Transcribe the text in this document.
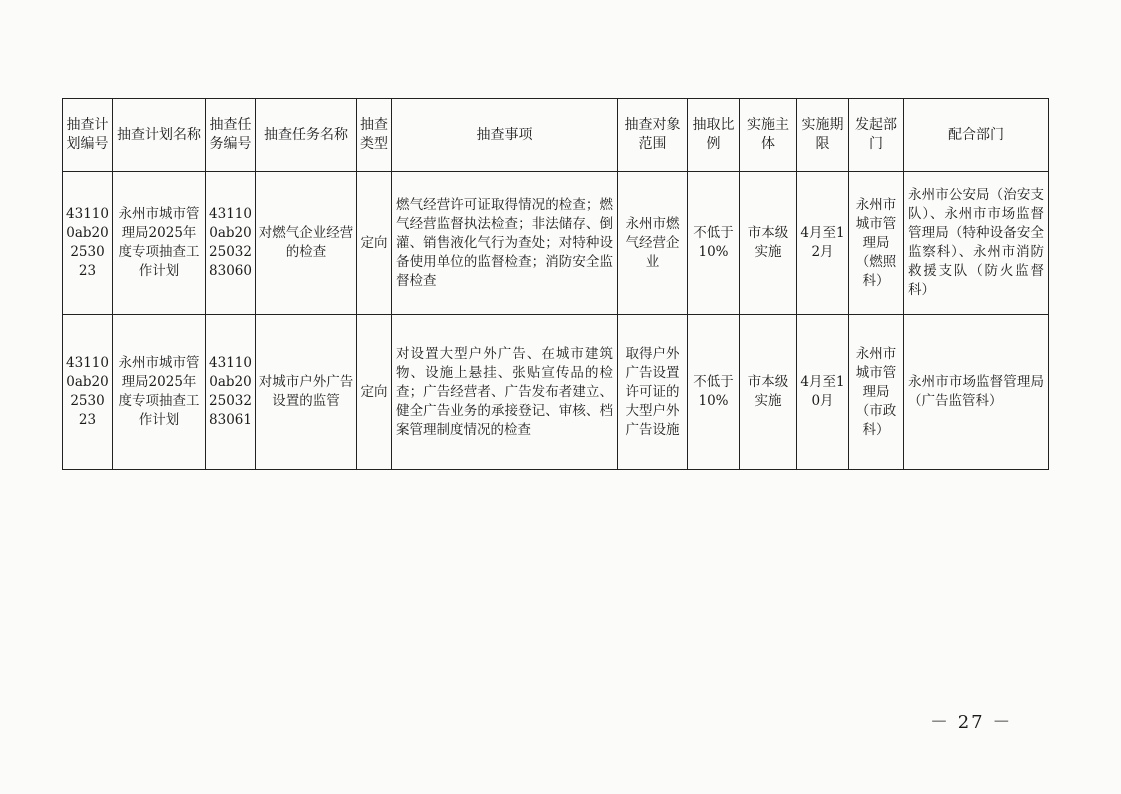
抽查计划编号	抽查计划名称	抽查任务编号	抽查任务名称	抽查类型	抽查事项	抽查对象范围	抽取比例	实施主体	实施期限	发起部门	配合部门
431100ab202530 23	永州市城市管理局2025年度专项抽查工作计划	431100ab202503283060	对燃气企业经营的检查	定向	燃气经营许可证取得情况的检查；燃气经营监督执法检查；非法储存、倒灌、销售液化气行为查处；对特种设备使用单位的监督检查；消防安全监督检查	永州市燃气经营企业	不低于10%	市本级实施	4月至12月	永州市城市管理局（燃照科）	永州市公安局（治安支队）、永州市市场监督管理局（特种设备安全监察科）、永州市消防救援支队（防火监督科）
431100ab202530 23	永州市城市管理局2025年度专项抽查工作计划	431100ab202503283061	对城市户外广告设置的监管	定向	对设置大型户外广告、在城市建筑物、设施上悬挂、张贴宣传品的检查；广告经营者、广告发布者建立、健全广告业务的承接登记、审核、档案管理制度情况的检查	取得户外广告设置许可证的大型户外广告设施	不低于10%	市本级实施	4月至10月	永州市城市管理局（市政科）	永州市市场监督管理局（广告监管科）
－ 27 －
